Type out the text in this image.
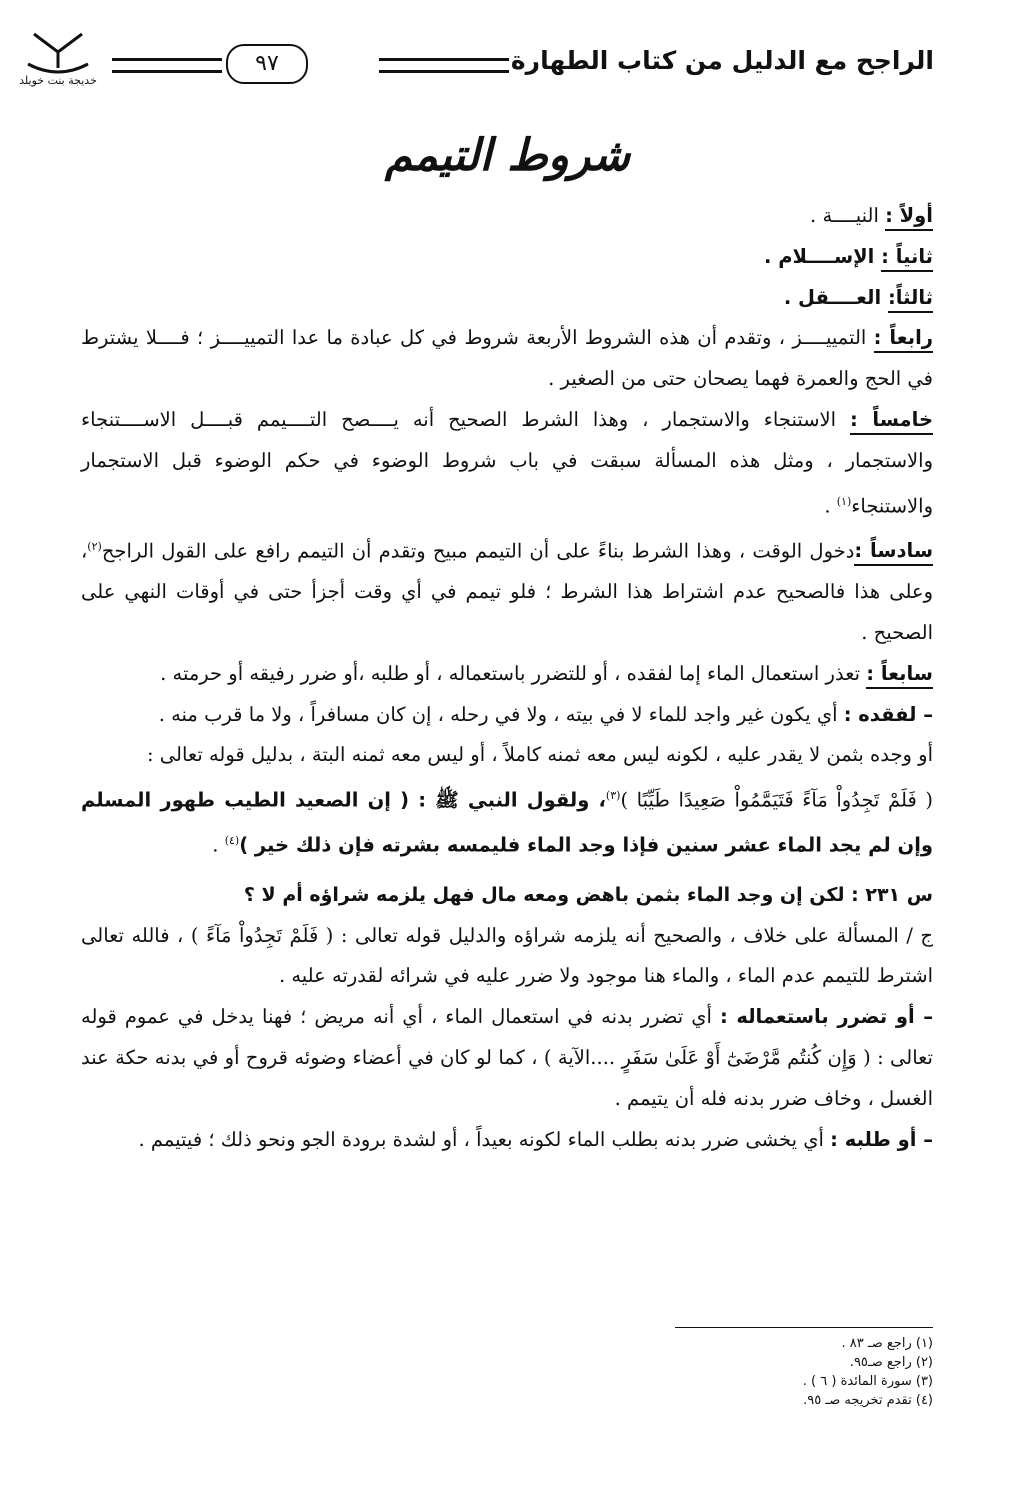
الراجح مع الدليل من كتاب الطهارة
٩٧
خديجة بنت خويلد
شروط التيمم

أولاً : النيــــة .

ثانياً : الإســــلام .

ثالثاً: العــــقل .

رابعاً : التمييــــز ، وتقدم أن هذه الشروط الأربعة شروط في كل عبادة ما عدا التمييــــز ؛ فــــلا يشترط في الحج والعمرة فهما يصحان حتى من الصغير .

خامساً : الاستنجاء والاستجمار ، وهذا الشرط الصحيح أنه يــــصح التــــيمم قبــــل الاســــتنجاء والاستجمار ، ومثل هذه المسألة سبقت في باب شروط الوضوء في حكم الوضوء قبل الاستجمار والاستنجاء$^{(١)}$ .

سادساً :دخول الوقت ، وهذا الشرط بناءً على أن التيمم مبيح وتقدم أن التيمم رافع على القول الراجح$^{(٢)}$، وعلى هذا فالصحيح عدم اشتراط هذا الشرط ؛ فلو تيمم في أي وقت أجزأ حتى في أوقات النهي على الصحيح .

سابعاً : تعذر استعمال الماء إما لفقده ، أو للتضرر باستعماله ، أو طلبه ،أو ضرر رفيقه أو حرمته .

– لفقده : أي يكون غير واجد للماء لا في بيته ، ولا في رحله ، إن كان مسافراً ، ولا ما قرب منه .

أو وجده بثمن لا يقدر عليه ، لكونه ليس معه ثمنه كاملاً ، أو ليس معه ثمنه البتة ، بدليل قوله تعالى :

( فَلَمْ تَجِدُواْ مَآءً فَتَيَمَّمُواْ صَعِيدًا طَيِّبًا )$^{(٣)}$، ولقول النبي ﷺ : ( إن الصعيد الطيب طهور المسلم وإن لم يجد الماء عشر سنين فإذا وجد الماء فليمسه بشرته فإن ذلك خير )$^{(٤)}$ .

س ٢٣١ : لكن إن وجد الماء بثمن باهض ومعه مال فهل يلزمه شراؤه أم لا ؟

ج / المسألة على خلاف ، والصحيح أنه يلزمه شراؤه والدليل قوله تعالى : ( فَلَمْ تَجِدُواْ مَآءً ) ، فالله تعالى اشترط للتيمم عدم الماء ، والماء هنا موجود ولا ضرر عليه في شرائه لقدرته عليه .

– أو تضرر باستعماله : أي تضرر بدنه في استعمال الماء ، أي أنه مريض ؛ فهنا يدخل في عموم قوله تعالى : ( وَإِن كُنتُم مَّرْضَىٰٓ أَوْ عَلَىٰ سَفَرٍ ....الآية ) ، كما لو كان في أعضاء وضوئه قروح أو في بدنه حكة عند الغسل ، وخاف ضرر بدنه فله أن يتيمم .

– أو طلبه : أي يخشى ضرر بدنه بطلب الماء لكونه بعيداً ، أو لشدة برودة الجو ونحو ذلك ؛ فيتيمم .

(١) راجع صـ ٨٣ .
(٢) راجع صـ٩٥.
(٣) سورة المائدة ( ٦ ) .
(٤) تقدم تخريجه صـ ٩٥.
